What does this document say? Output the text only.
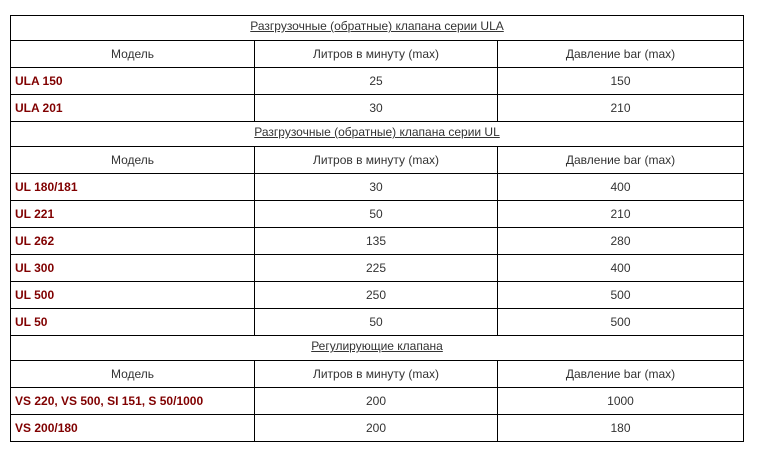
Разгрузочные (обратные) клапана серии ULA		
Модель	Литров в минуту (max)	Давление bar (max)
ULA 150	25	150
ULA 201	30	210
Разгрузочные (обратные) клапана серии UL		
Модель	Литров в минуту (max)	Давление bar (max)
UL 180/181	30	400
UL 221	50	210
UL 262	135	280
UL 300	225	400
UL 500	250	500
UL 50	50	500
Регулирующие клапана		
Модель	Литров в минуту (max)	Давление bar (max)
VS 220, VS 500, SI 151, S 50/1000	200	1000
VS 200/180	200	180
